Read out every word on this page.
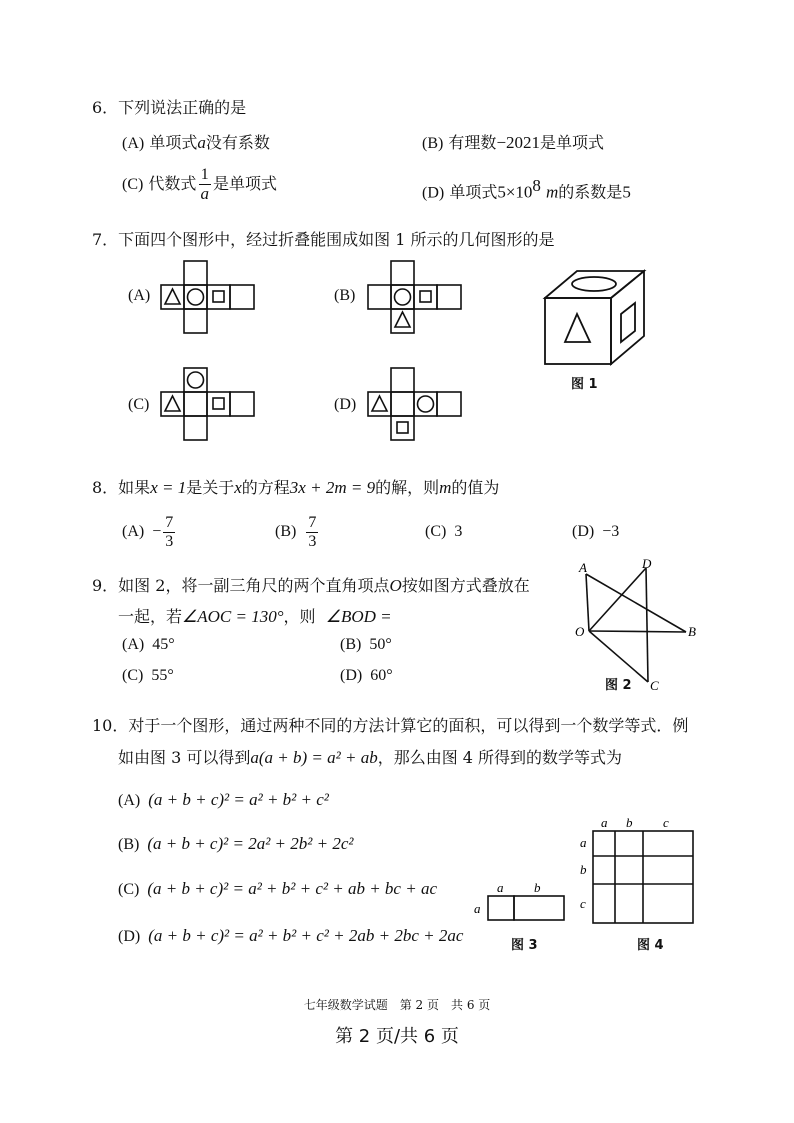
6．下列说法正确的是
(A) 单项式a没有系数	(B) 有理数−2021是单项式
(C) 代数式 $\frac{1}{a}$ 是单项式	(D) 单项式$5\times 10^8$ m的系数是5
7．下面四个图形中，经过折叠能围成如图 1 所示的几何图形的是
(A)	(B)
(C)	(D)
图 1
8．如果x = 1是关于x的方程3x + 2m = 9的解，则m的值为
$(A) - \frac{7}{3}$	$(B) \frac{7}{3}$	(C) 3	(D) −3
9．如图 2，将一副三角尺的两个直角项点O按如图方式叠放在
一起，若∠AOC = 130°，则 ∠BOD =
(A) 45°	(B) 50°
(C) 55°	(D) 60°
A	D
O	B
C
图 2
10．对于一个图形，通过两种不同的方法计算它的面积，可以得到一个数学等式．例
如由图 3 可以得到a(a + b) = a² + ab，那么由图 4 所得到的数学等式为
(A) (a + b + c)² = a² + b² + c²
(B) (a + b + c)² = 2a² + 2b² + 2c²
(C) (a + b + c)² = a² + b² + c² + ab + bc + ac
(D) (a + b + c)² = a² + b² + c² + 2ab + 2bc + 2ac
a b
a
图 3
a b c
a
b
c
图 4
七年级数学试题　第 2 页　共 6 页
第 2 页/共 6 页
